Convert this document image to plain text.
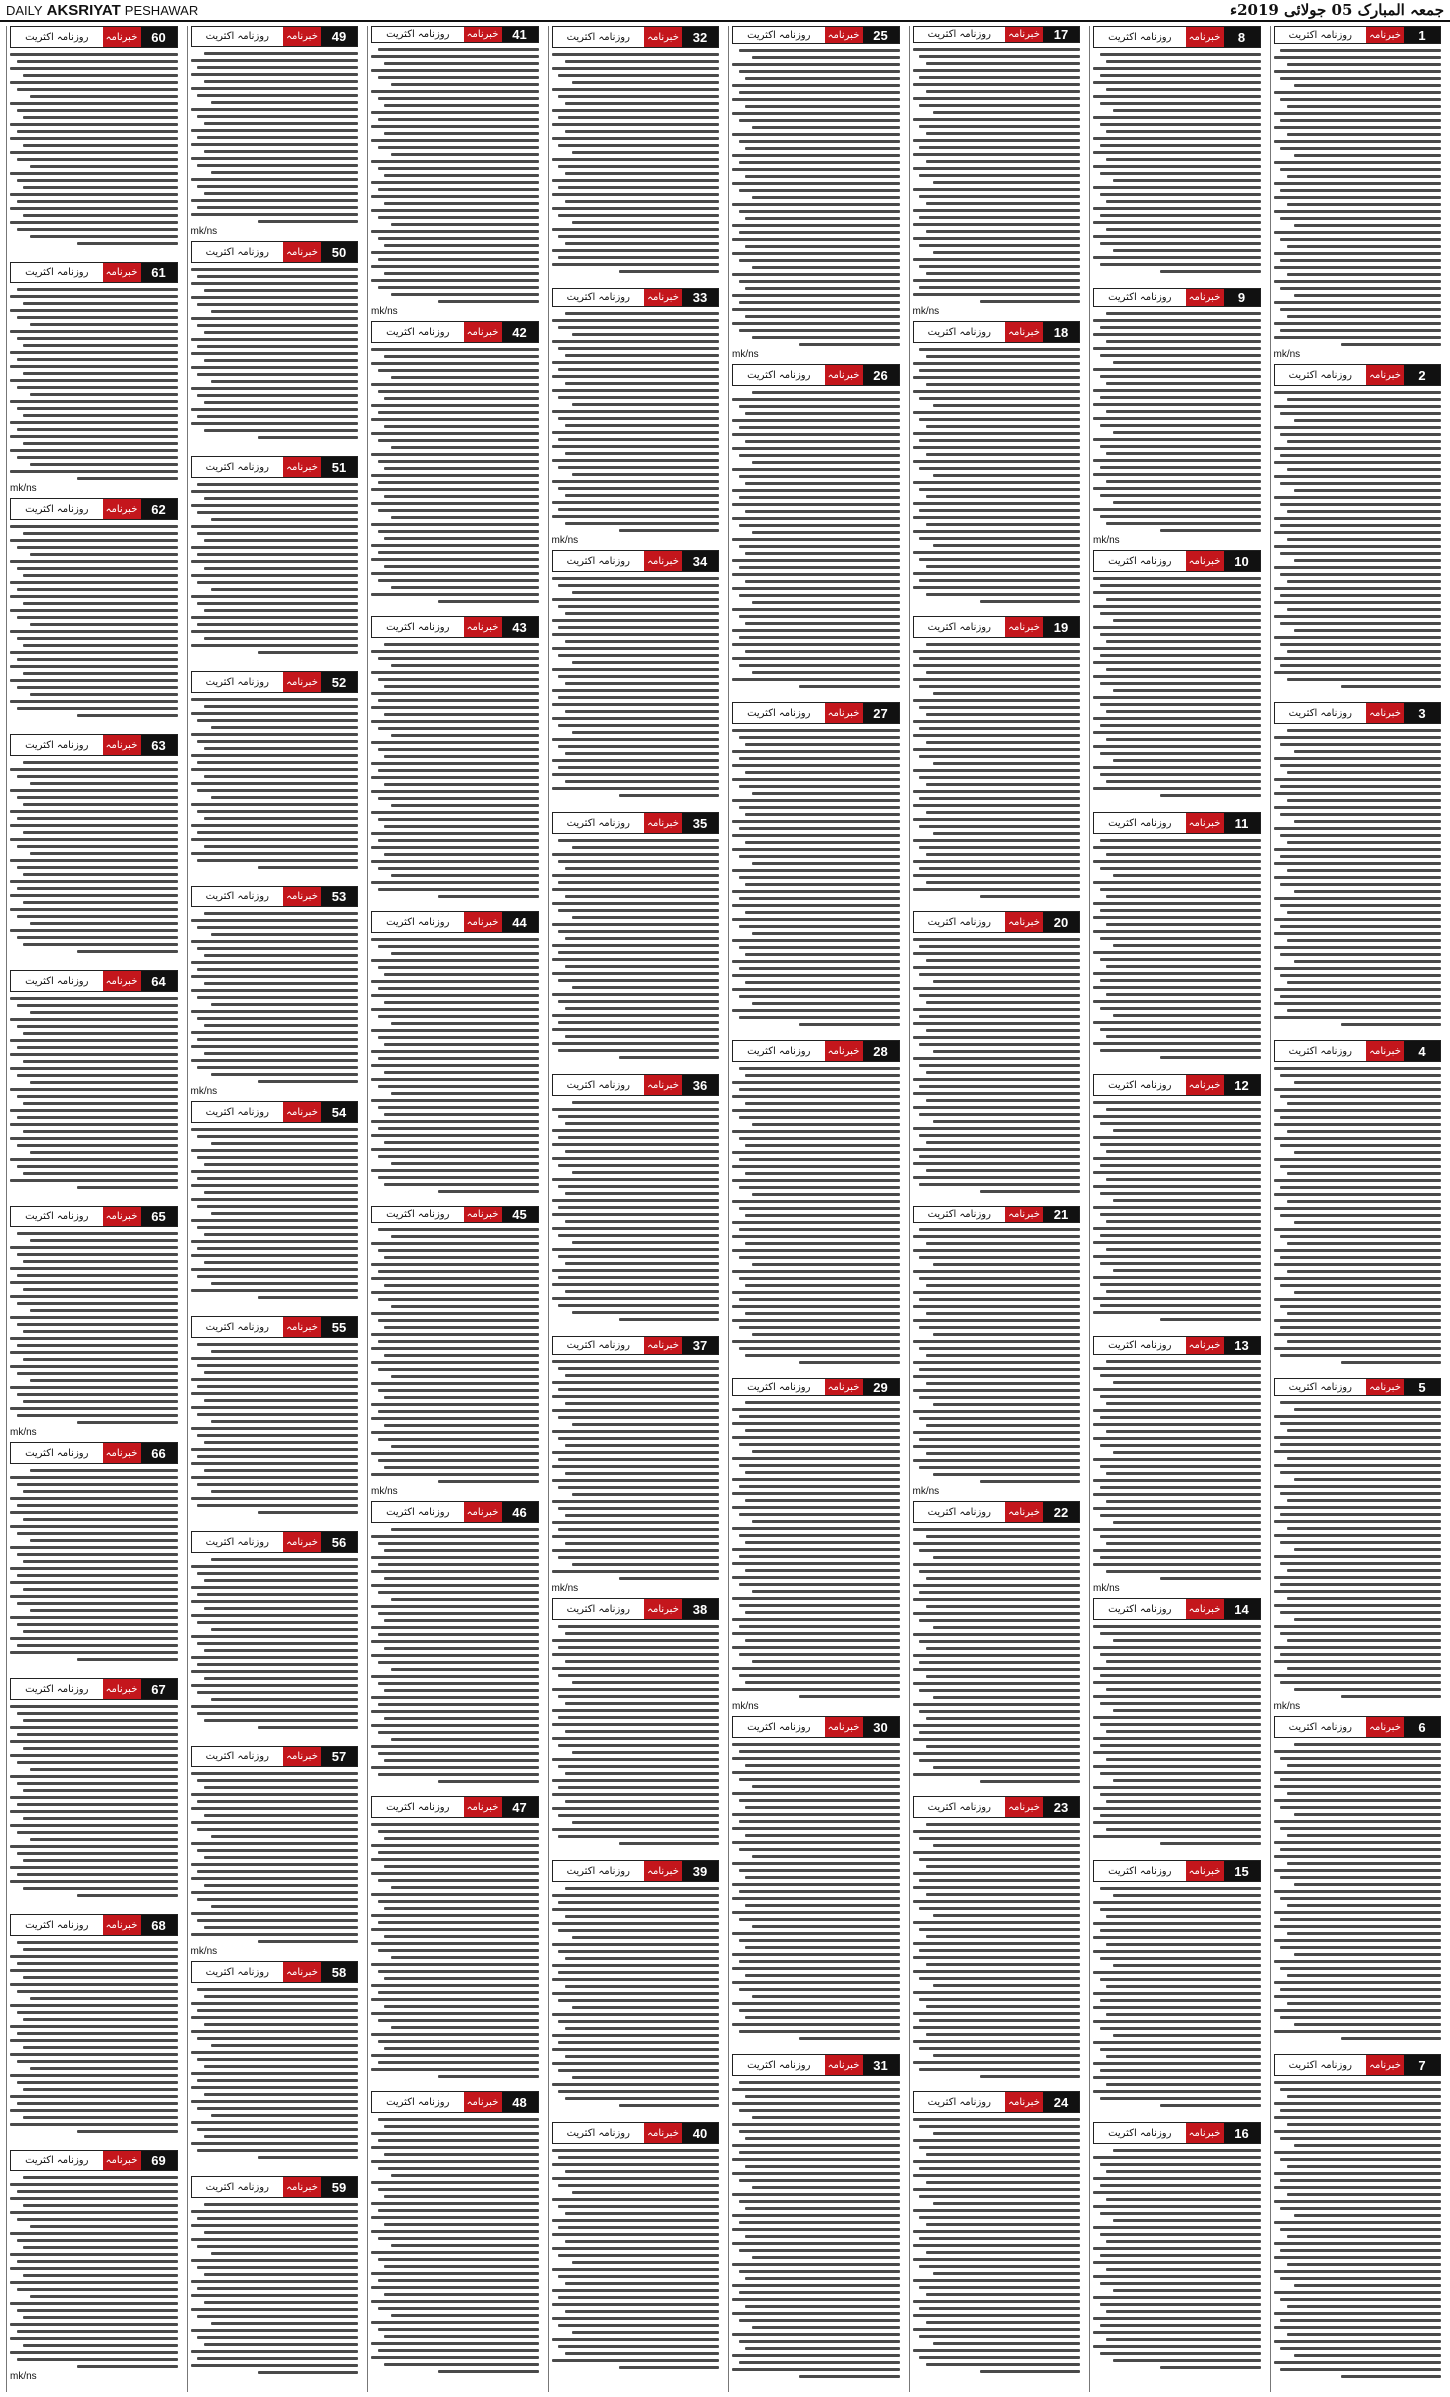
DAILY AKSRIYAT PESHAWAR	جمعہ المبارک 05 جولائی 2019ء
1
خبرنامہ
روزنامہ اکثریت
mk/ns
2
خبرنامہ
روزنامہ اکثریت
3
خبرنامہ
روزنامہ اکثریت
4
خبرنامہ
روزنامہ اکثریت
5
خبرنامہ
روزنامہ اکثریت
mk/ns
6
خبرنامہ
روزنامہ اکثریت
7
خبرنامہ
روزنامہ اکثریت
8
خبرنامہ
روزنامہ اکثریت
9
خبرنامہ
روزنامہ اکثریت
mk/ns
10
خبرنامہ
روزنامہ اکثریت
11
خبرنامہ
روزنامہ اکثریت
12
خبرنامہ
روزنامہ اکثریت
13
خبرنامہ
روزنامہ اکثریت
mk/ns
14
خبرنامہ
روزنامہ اکثریت
15
خبرنامہ
روزنامہ اکثریت
16
خبرنامہ
روزنامہ اکثریت
17
خبرنامہ
روزنامہ اکثریت
mk/ns
18
خبرنامہ
روزنامہ اکثریت
19
خبرنامہ
روزنامہ اکثریت
20
خبرنامہ
روزنامہ اکثریت
21
خبرنامہ
روزنامہ اکثریت
mk/ns
22
خبرنامہ
روزنامہ اکثریت
23
خبرنامہ
روزنامہ اکثریت
24
خبرنامہ
روزنامہ اکثریت
25
خبرنامہ
روزنامہ اکثریت
mk/ns
26
خبرنامہ
روزنامہ اکثریت
27
خبرنامہ
روزنامہ اکثریت
28
خبرنامہ
روزنامہ اکثریت
29
خبرنامہ
روزنامہ اکثریت
mk/ns
30
خبرنامہ
روزنامہ اکثریت
31
خبرنامہ
روزنامہ اکثریت
32
خبرنامہ
روزنامہ اکثریت
33
خبرنامہ
روزنامہ اکثریت
mk/ns
34
خبرنامہ
روزنامہ اکثریت
35
خبرنامہ
روزنامہ اکثریت
36
خبرنامہ
روزنامہ اکثریت
37
خبرنامہ
روزنامہ اکثریت
mk/ns
38
خبرنامہ
روزنامہ اکثریت
39
خبرنامہ
روزنامہ اکثریت
40
خبرنامہ
روزنامہ اکثریت
41
خبرنامہ
روزنامہ اکثریت
mk/ns
42
خبرنامہ
روزنامہ اکثریت
43
خبرنامہ
روزنامہ اکثریت
44
خبرنامہ
روزنامہ اکثریت
45
خبرنامہ
روزنامہ اکثریت
mk/ns
46
خبرنامہ
روزنامہ اکثریت
47
خبرنامہ
روزنامہ اکثریت
48
خبرنامہ
روزنامہ اکثریت
49
خبرنامہ
روزنامہ اکثریت
mk/ns
50
خبرنامہ
روزنامہ اکثریت
51
خبرنامہ
روزنامہ اکثریت
52
خبرنامہ
روزنامہ اکثریت
53
خبرنامہ
روزنامہ اکثریت
mk/ns
54
خبرنامہ
روزنامہ اکثریت
55
خبرنامہ
روزنامہ اکثریت
56
خبرنامہ
روزنامہ اکثریت
57
خبرنامہ
روزنامہ اکثریت
mk/ns
58
خبرنامہ
روزنامہ اکثریت
59
خبرنامہ
روزنامہ اکثریت
60
خبرنامہ
روزنامہ اکثریت
61
خبرنامہ
روزنامہ اکثریت
mk/ns
62
خبرنامہ
روزنامہ اکثریت
63
خبرنامہ
روزنامہ اکثریت
64
خبرنامہ
روزنامہ اکثریت
65
خبرنامہ
روزنامہ اکثریت
mk/ns
66
خبرنامہ
روزنامہ اکثریت
67
خبرنامہ
روزنامہ اکثریت
68
خبرنامہ
روزنامہ اکثریت
69
خبرنامہ
روزنامہ اکثریت
mk/ns
